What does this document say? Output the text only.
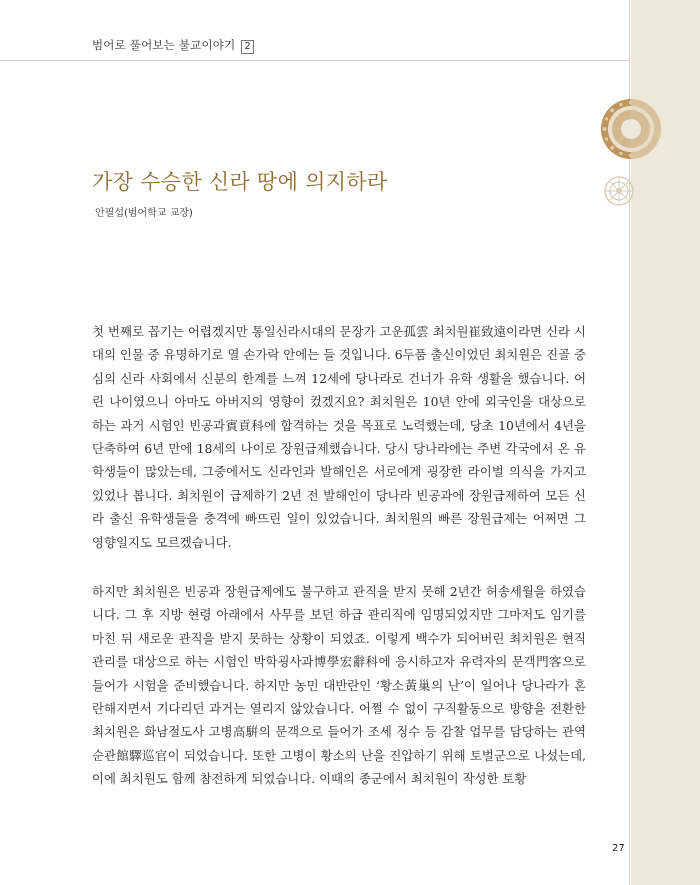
범어로 풀어보는 불교이야기 2
가장 수승한 신라 땅에 의지하라
안필섭(범어학교 교장)

첫 번째로 꼽기는 어렵겠지만 통일신라시대의 문장가 고운孤雲 최치원崔致遠이라면 신라 시대의 인물 중 유명하기로 열 손가락 안에는 들 것입니다. 6두품 출신이었던 최치원은 진골 중심의 신라 사회에서 신분의 한계를 느껴 12세에 당나라로 건너가 유학 생활을 했습니다. 어린 나이였으니 아마도 아버지의 영향이 컸겠지요? 최치원은 10년 안에 외국인을 대상으로 하는 과거 시험인 빈공과賓貢科에 합격하는 것을 목표로 노력했는데, 당초 10년에서 4년을 단축하여 6년 만에 18세의 나이로 장원급제했습니다. 당시 당나라에는 주변 각국에서 온 유학생들이 많았는데, 그중에서도 신라인과 발해인은 서로에게 굉장한 라이벌 의식을 가지고 있었나 봅니다. 최치원이 급제하기 2년 전 발해인이 당나라 빈공과에 장원급제하여 모든 신라 출신 유학생들을 충격에 빠뜨린 일이 있었습니다. 최치원의 빠른 장원급제는 어쩌면 그 영향일지도 모르겠습니다.

하지만 최치원은 빈공과 장원급제에도 불구하고 관직을 받지 못해 2년간 허송세월을 하였습니다. 그 후 지방 현령 아래에서 사무를 보던 하급 관리직에 임명되었지만 그마저도 임기를 마친 뒤 새로운 관직을 받지 못하는 상황이 되었죠. 이렇게 백수가 되어버린 최치원은 현직 관리를 대상으로 하는 시험인 박학굉사과博學宏辭科에 응시하고자 유력자의 문객門客으로 들어가 시험을 준비했습니다. 하지만 농민 대반란인 ‘황소黃巢의 난’이 일어나 당나라가 혼란해지면서 기다리던 과거는 열리지 않았습니다. 어쩔 수 없이 구직활동으로 방향을 전환한 최치원은 화남절도사 고병高騈의 문객으로 들어가 조세 징수 등 감찰 업무를 담당하는 관역순관館驛巡官이 되었습니다. 또한 고병이 황소의 난을 진압하기 위해 토벌군으로 나섰는데, 이에 최치원도 함께 참전하게 되었습니다. 이때의 종군에서 최치원이 작성한 토황

27
